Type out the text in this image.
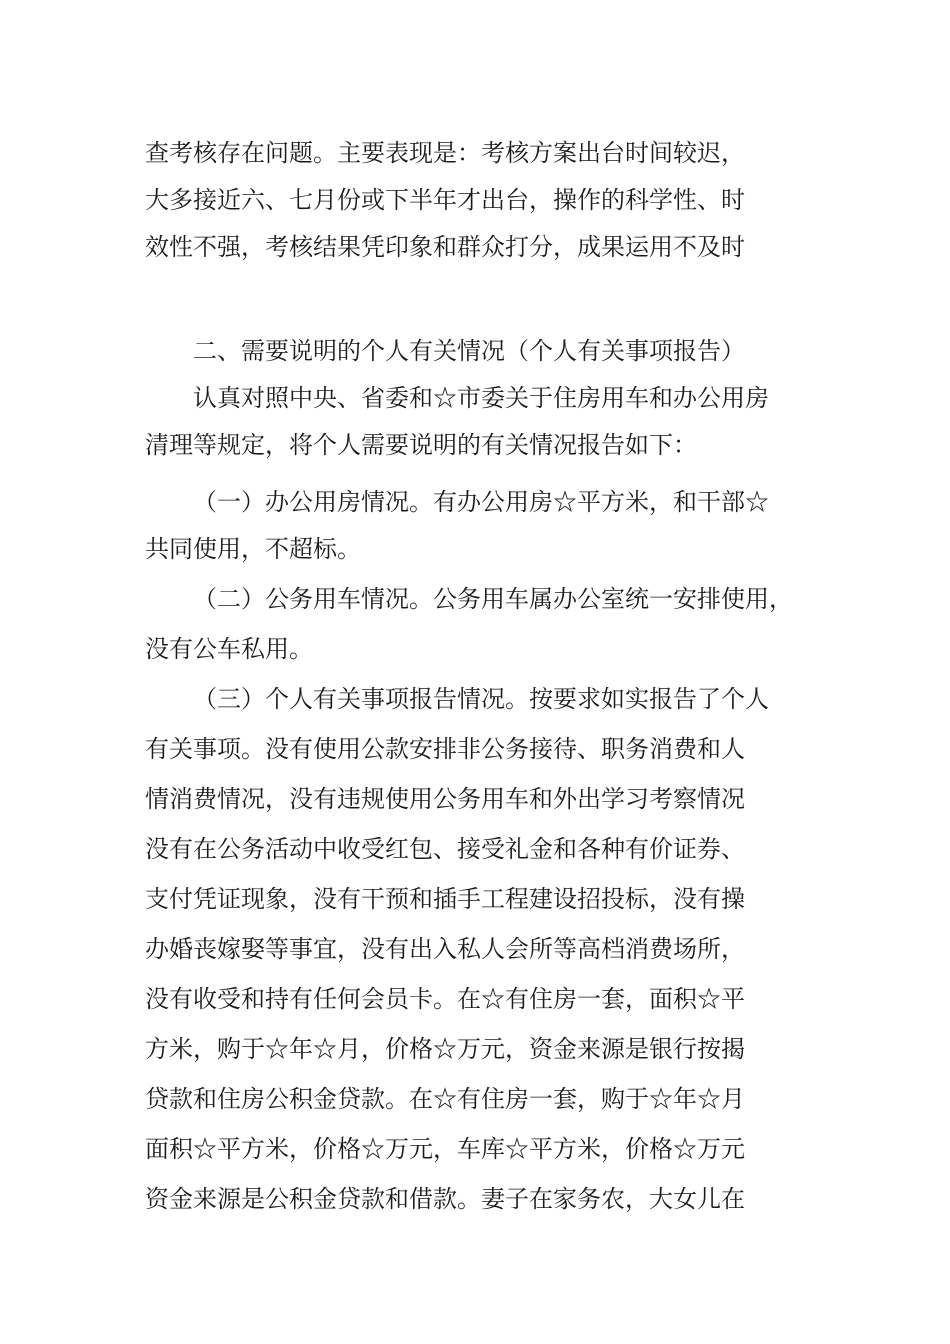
查考核存在问题。主要表现是：考核方案出台时间较迟，
大多接近六、七月份或下半年才出台，操作的科学性、时
效性不强，考核结果凭印象和群众打分，成果运用不及时
二、需要说明的个人有关情况（个人有关事项报告）
认真对照中央、省委和☆市委关于住房用车和办公用房
清理等规定，将个人需要说明的有关情况报告如下：
（一）办公用房情况。有办公用房☆平方米，和干部☆
共同使用，不超标。
（二）公务用车情况。公务用车属办公室统一安排使用，
没有公车私用。
（三）个人有关事项报告情况。按要求如实报告了个人
有关事项。没有使用公款安排非公务接待、职务消费和人
情消费情况，没有违规使用公务用车和外出学习考察情况
没有在公务活动中收受红包、接受礼金和各种有价证券、
支付凭证现象，没有干预和插手工程建设招投标，没有操
办婚丧嫁娶等事宜，没有出入私人会所等高档消费场所，
没有收受和持有任何会员卡。在☆有住房一套，面积☆平
方米，购于☆年☆月，价格☆万元，资金来源是银行按揭
贷款和住房公积金贷款。在☆有住房一套，购于☆年☆月
面积☆平方米，价格☆万元，车库☆平方米，价格☆万元
资金来源是公积金贷款和借款。妻子在家务农，大女儿在
